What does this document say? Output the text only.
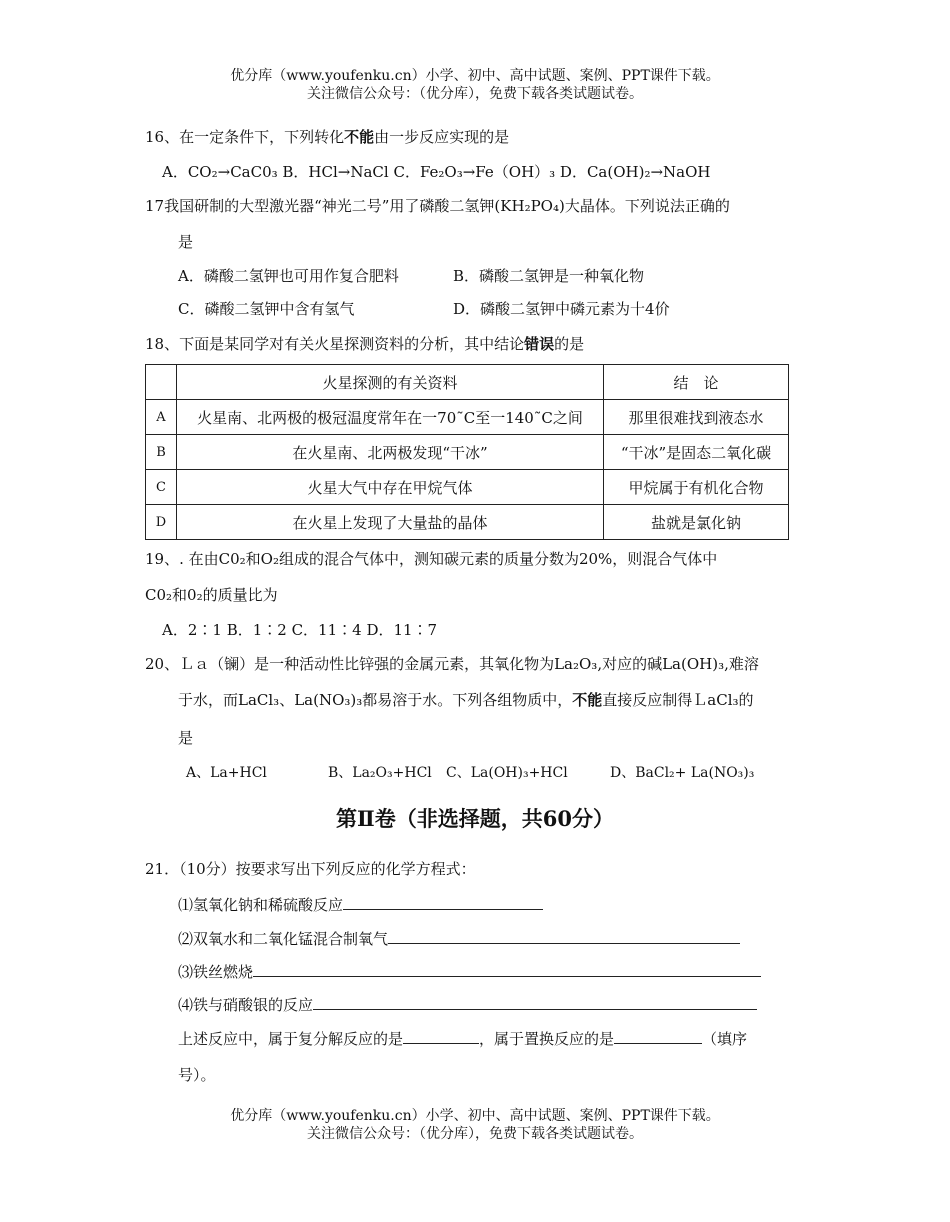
优分库（www.youfenku.cn）小学、初中、高中试题、案例、PPT课件下载。
关注微信公众号：（优分库），免费下载各类试题试卷。
16、在一定条件下，下列转化不能由一步反应实现的是
A．CO₂→CaC0₃ B．HCl→NaCl C．Fe₂O₃→Fe（OH）₃ D．Ca(OH)₂→NaOH
17我国研制的大型激光器“神光二号”用了磷酸二氢钾(KH₂PO₄)大晶体。下列说法正确的
是
A．磷酸二氢钾也可用作复合肥料	B．磷酸二氢钾是一种氧化物
C．磷酸二氢钾中含有氢气	D．磷酸二氢钾中磷元素为十4价
18、下面是某同学对有关火星探测资料的分析，其中结论错误的是
	火星探测的有关资料	结　论
A	火星南、北两极的极冠温度常年在一70˜C至一140˜C之间	那里很难找到液态水
B	在火星南、北两极发现“干冰”	“干冰”是固态二氧化碳
C	火星大气中存在甲烷气体	甲烷属于有机化合物
D	在火星上发现了大量盐的晶体	盐就是氯化钠
19、. 在由C0₂和O₂组成的混合气体中，测知碳元素的质量分数为20%，则混合气体中
C0₂和0₂的质量比为
A．2∶1 B．1∶2 C．11∶4 D．11∶7
20、Ｌａ（镧）是一种活动性比锌强的金属元素，其氧化物为La₂O₃,对应的碱La(OH)₃,难溶
于水，而LaCl₃、La(NO₃)₃都易溶于水。下列各组物质中，不能直接反应制得ＬaCl₃的
是
A、La+HCl	B、La₂O₃+HCl C、La(OH)₃+HCl	D、BaCl₂+ La(NO₃)₃
第Ⅱ卷（非选择题，共60分）
21．（10分）按要求写出下列反应的化学方程式：
⑴氢氧化钠和稀硫酸反应
⑵双氧水和二氧化锰混合制氧气
⑶铁丝燃烧
⑷铁与硝酸银的反应
上述反应中，属于复分解反应的是	，属于置换反应的是	（填序
号）。
优分库（www.youfenku.cn）小学、初中、高中试题、案例、PPT课件下载。
关注微信公众号：（优分库），免费下载各类试题试卷。
